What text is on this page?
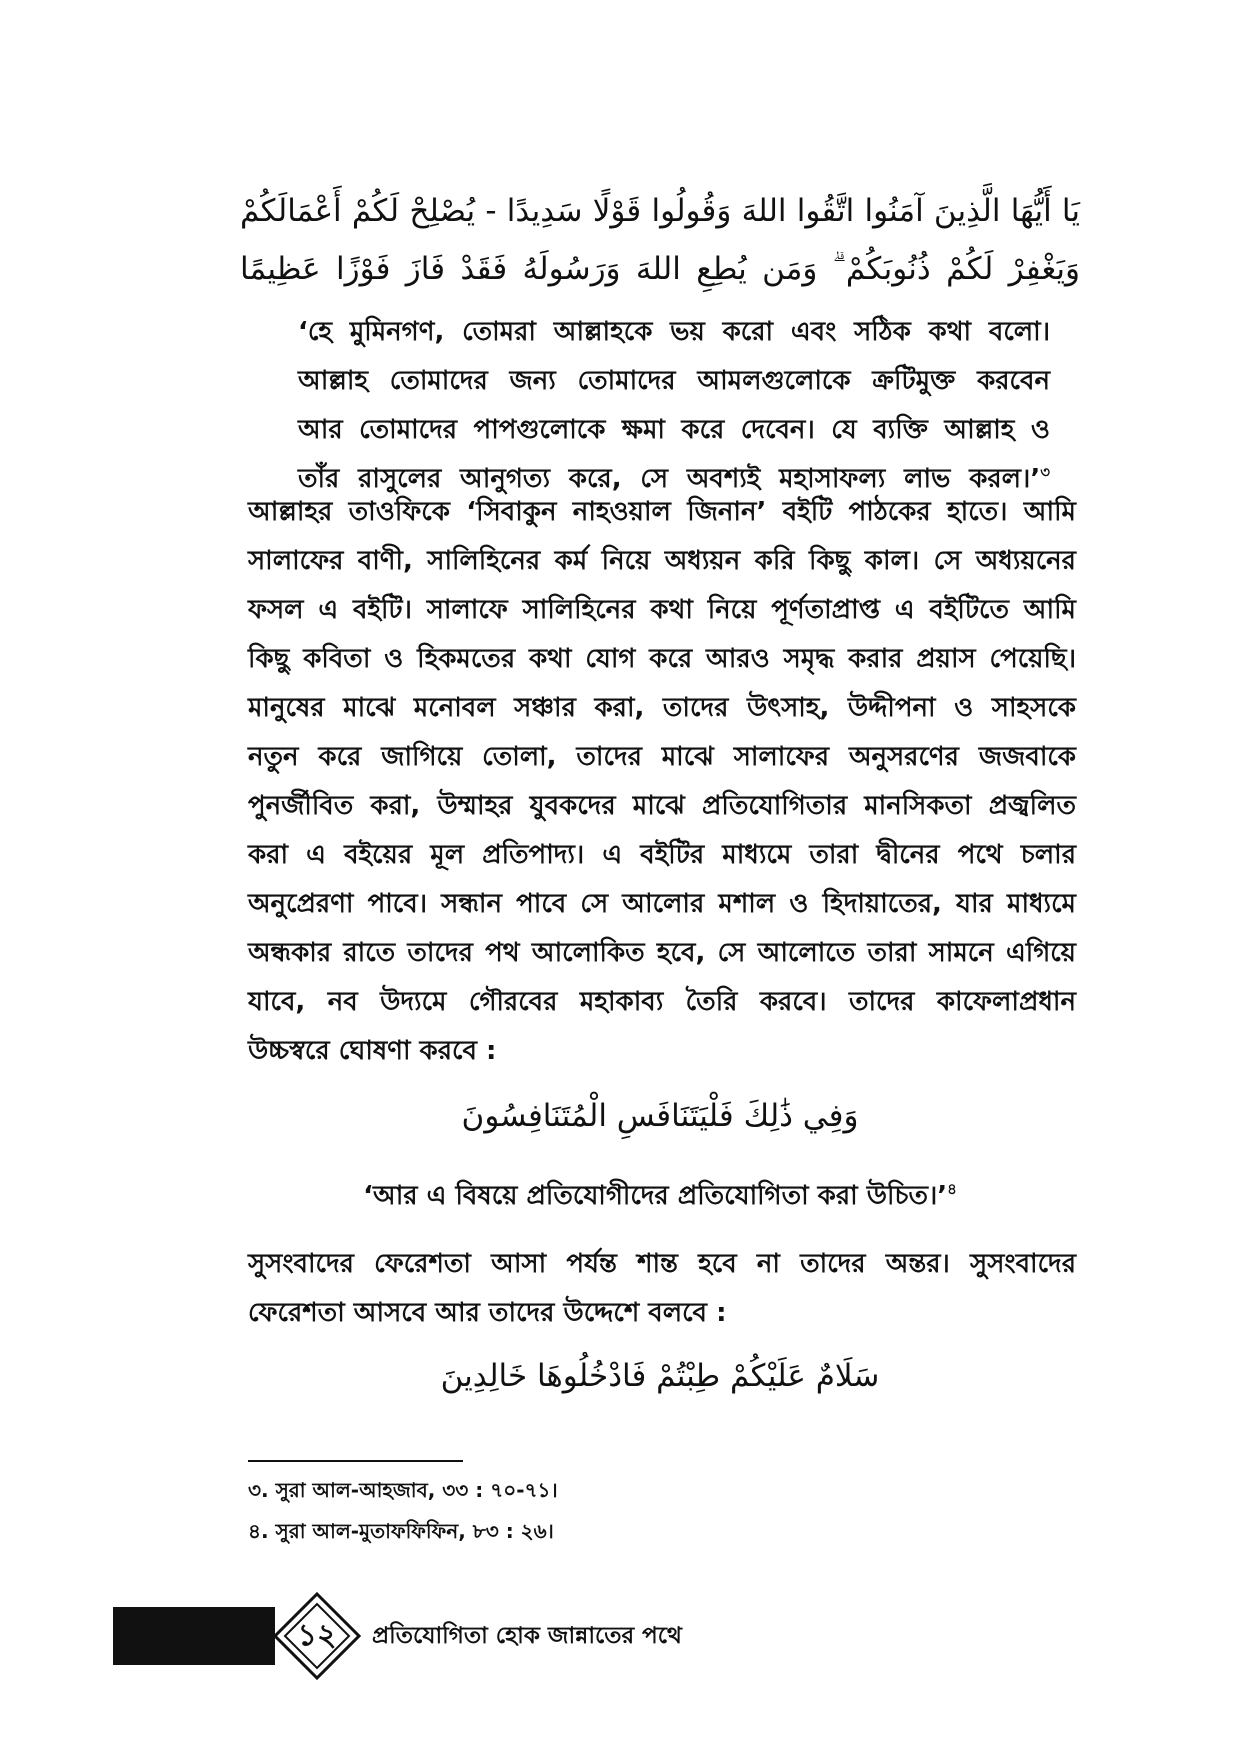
يَا أَيُّهَا الَّذِينَ آمَنُوا اتَّقُوا اللهَ وَقُولُوا قَوْلًا سَدِيدًا - يُصْلِحْ لَكُمْ أَعْمَالَكُمْ
وَيَغْفِرْ لَكُمْ ذُنُوبَكُمْ ۗ وَمَن يُطِعِ اللهَ وَرَسُولَهُ فَقَدْ فَازَ فَوْزًا عَظِيمًا
‘হে মুমিনগণ, তোমরা আল্লাহকে ভয় করো এবং সঠিক কথা বলো।
আল্লাহ তোমাদের জন্য তোমাদের আমলগুলোকে ক্রটিমুক্ত করবেন
আর তোমাদের পাপগুলোকে ক্ষমা করে দেবেন। যে ব্যক্তি আল্লাহ ও
তাঁর রাসুলের আনুগত্য করে, সে অবশ্যই মহাসাফল্য লাভ করল।’$^৩$
আল্লাহর তাওফিকে ‘সিবাকুন নাহওয়াল জিনান’ বইটি পাঠকের হাতে। আমি
সালাফের বাণী, সালিহিনের কর্ম নিয়ে অধ্যয়ন করি কিছু কাল। সে অধ্যয়নের
ফসল এ বইটি। সালাফে সালিহিনের কথা নিয়ে পূর্ণতাপ্রাপ্ত এ বইটিতে আমি
কিছু কবিতা ও হিকমতের কথা যোগ করে আরও সমৃদ্ধ করার প্রয়াস পেয়েছি।
মানুষের মাঝে মনোবল সঞ্চার করা, তাদের উৎসাহ, উদ্দীপনা ও সাহসকে
নতুন করে জাগিয়ে তোলা, তাদের মাঝে সালাফের অনুসরণের জজবাকে
পুনর্জীবিত করা, উম্মাহর যুবকদের মাঝে প্রতিযোগিতার মানসিকতা প্রজ্বলিত
করা এ বইয়ের মূল প্রতিপাদ্য। এ বইটির মাধ্যমে তারা দ্বীনের পথে চলার
অনুপ্রেরণা পাবে। সন্ধান পাবে সে আলোর মশাল ও হিদায়াতের, যার মাধ্যমে
অন্ধকার রাতে তাদের পথ আলোকিত হবে, সে আলোতে তারা সামনে এগিয়ে
যাবে, নব উদ্যমে গৌরবের মহাকাব্য তৈরি করবে। তাদের কাফেলাপ্রধান
উচ্চস্বরে ঘোষণা করবে :
وَفِي ذَٰلِكَ فَلْيَتَنَافَسِ الْمُتَنَافِسُونَ
‘আর এ বিষয়ে প্রতিযোগীদের প্রতিযোগিতা করা উচিত।’$^৪$
সুসংবাদের ফেরেশতা আসা পর্যন্ত শান্ত হবে না তাদের অন্তর। সুসংবাদের
ফেরেশতা আসবে আর তাদের উদ্দেশে বলবে :
سَلَامٌ عَلَيْكُمْ طِبْتُمْ فَادْخُلُوهَا خَالِدِينَ
৩. সুরা আল-আহজাব, ৩৩ : ৭০-৭১।
৪. সুরা আল-মুতাফফিফিন, ৮৩ : ২৬।
১২	প্রতিযোগিতা হোক জান্নাতের পথে
